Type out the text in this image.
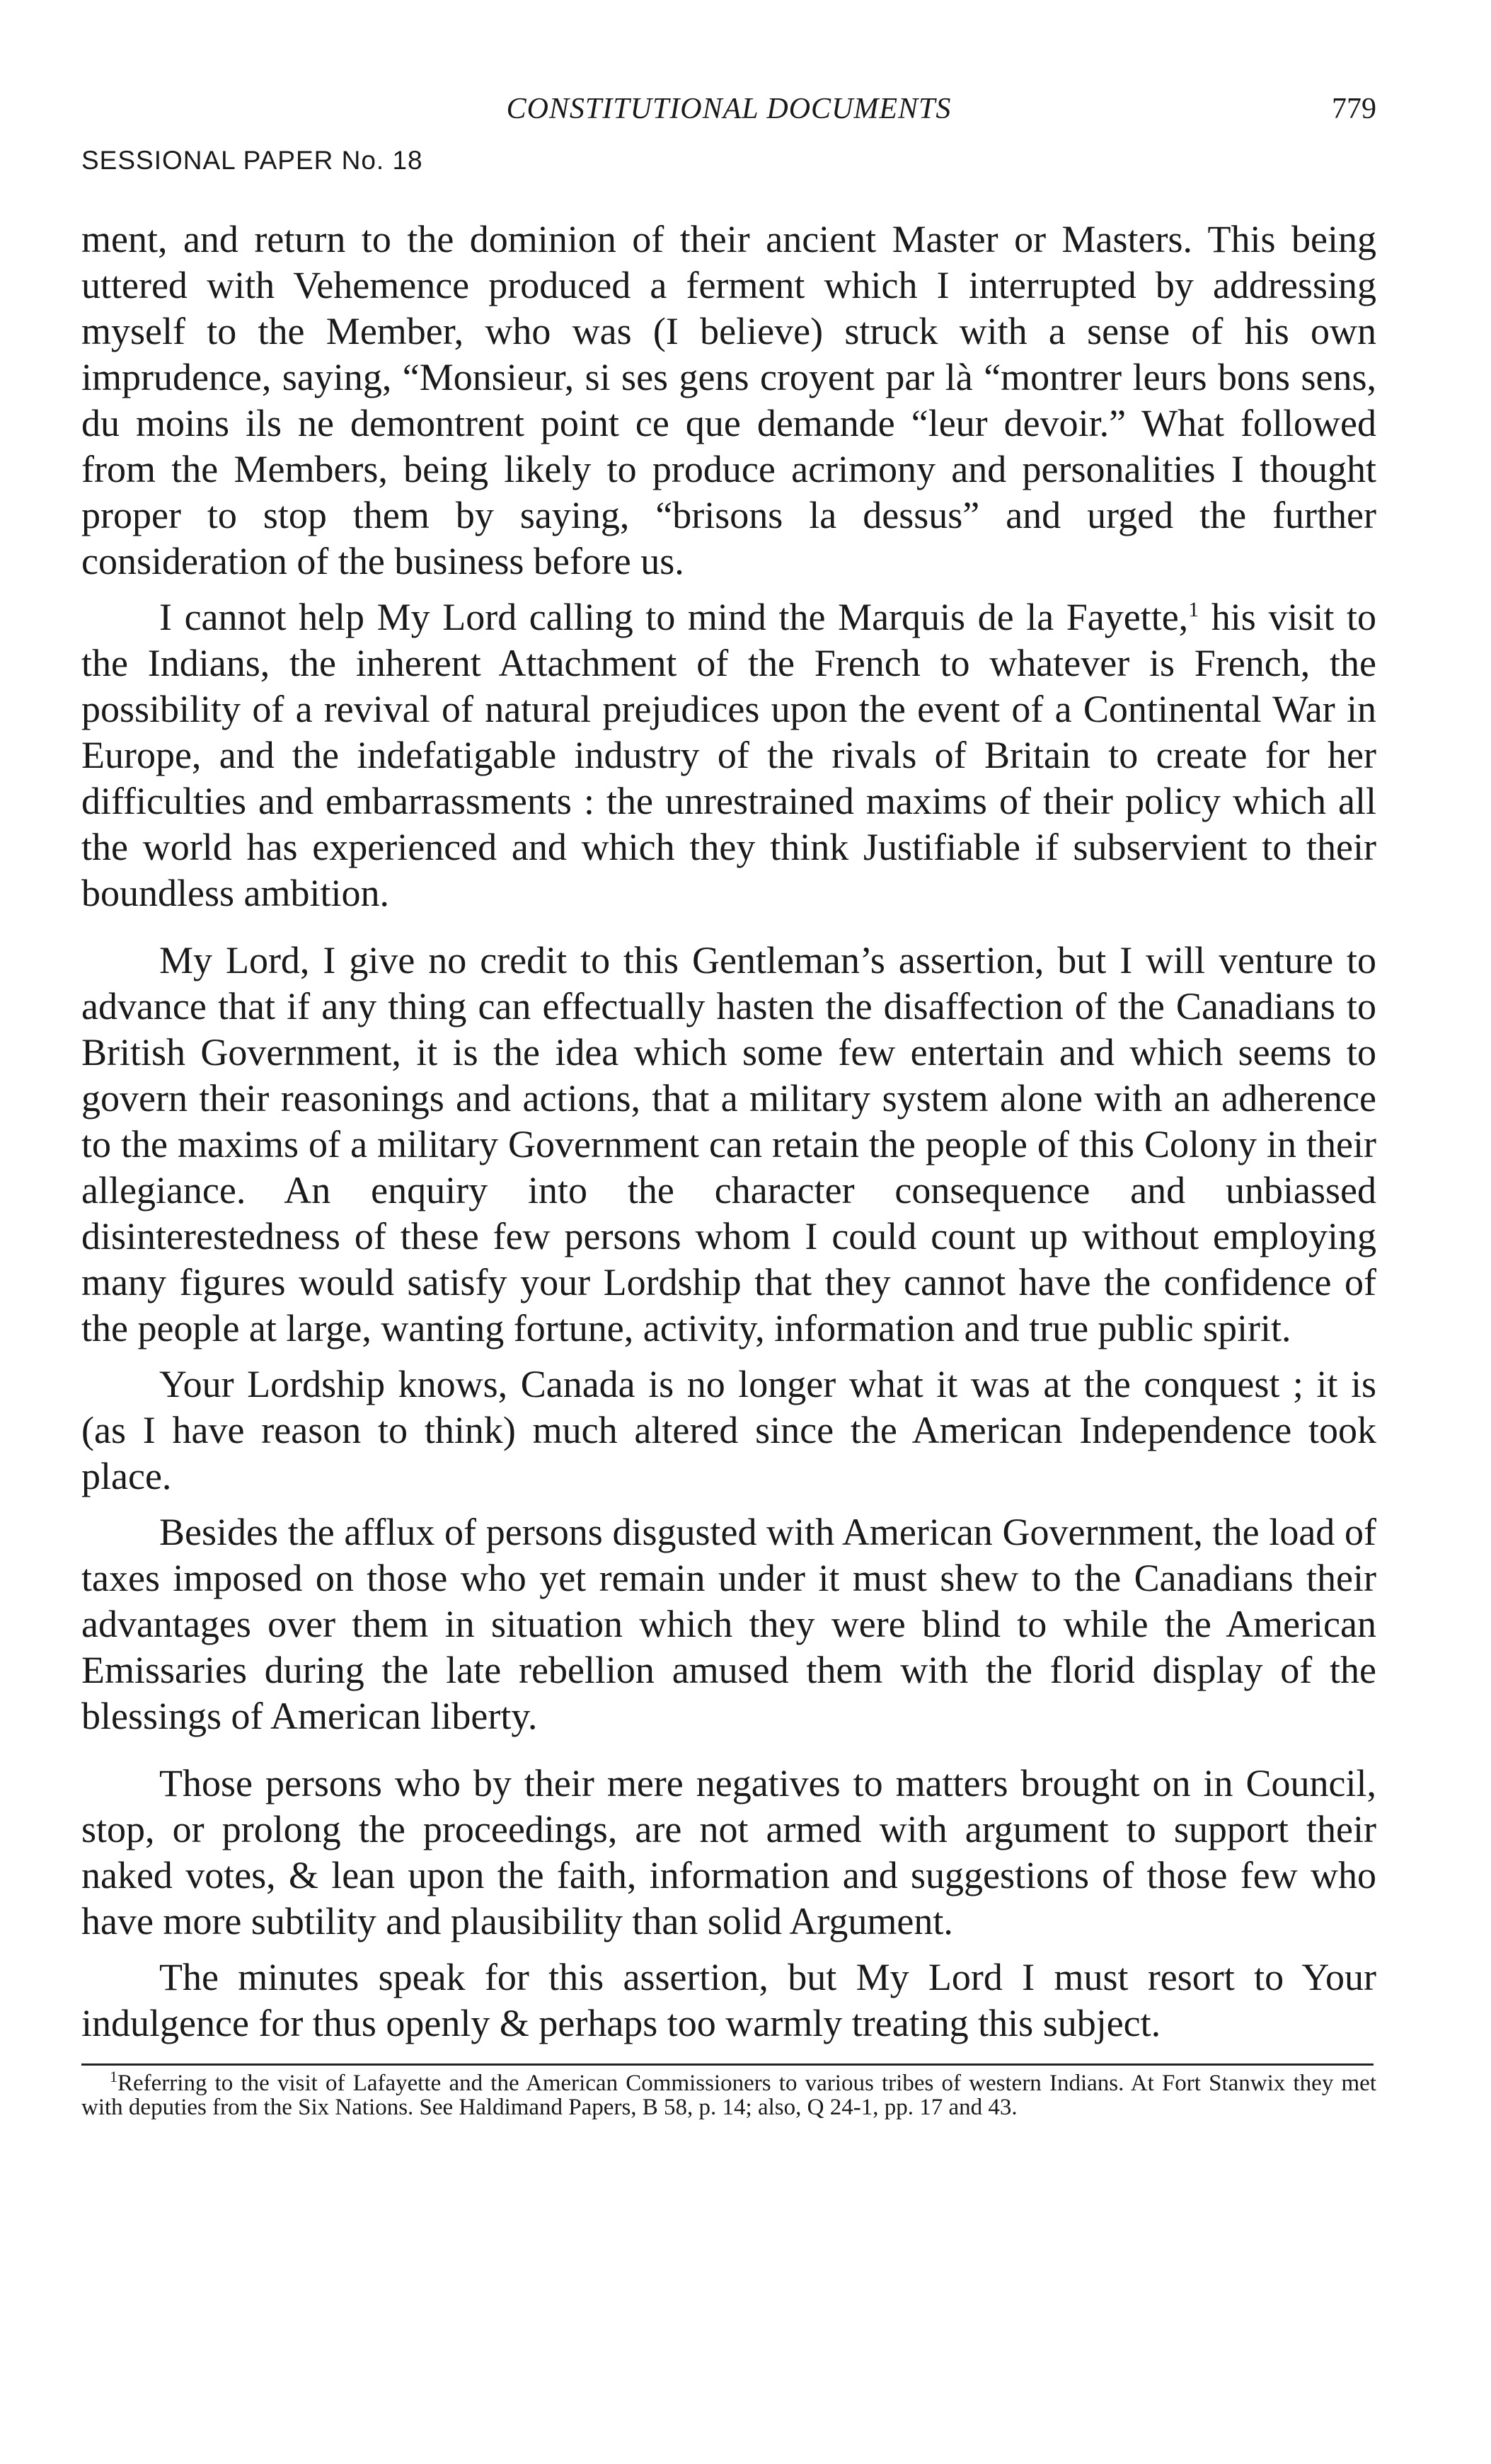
CONSTITUTIONAL DOCUMENTS	779
SESSIONAL PAPER No. 18

ment, and return to the dominion of their ancient Master or Masters. This being uttered with Vehemence produced a ferment which I interrupted by addressing myself to the Member, who was (I believe) struck with a sense of his own imprudence, saying, “Monsieur, si ses gens croyent par là “montrer leurs bons sens, du moins ils ne demontrent point ce que demande “leur devoir.” What followed from the Members, being likely to produce acrimony and personalities I thought proper to stop them by saying, “brisons la dessus” and urged the further consideration of the business before us.

I cannot help My Lord calling to mind the Marquis de la Fayette,$^1$ his visit to the Indians, the inherent Attachment of the French to whatever is French, the possibility of a revival of natural prejudices upon the event of a Continental War in Europe, and the indefatigable industry of the rivals of Britain to create for her difficulties and embarrassments : the unrestrained maxims of their policy which all the world has experienced and which they think Justifiable if subservient to their boundless ambition.

My Lord, I give no credit to this Gentleman’s assertion, but I will venture to advance that if any thing can effectually hasten the disaffection of the Canadians to British Government, it is the idea which some few entertain and which seems to govern their reasonings and actions, that a military system alone with an adherence to the maxims of a military Government can retain the people of this Colony in their allegiance. An enquiry into the character consequence and unbiassed disinterestedness of these few persons whom I could count up without employing many figures would satisfy your Lordship that they cannot have the confidence of the people at large, wanting fortune, activity, information and true public spirit.

Your Lordship knows, Canada is no longer what it was at the conquest ; it is (as I have reason to think) much altered since the American Independence took place.

Besides the afflux of persons disgusted with American Government, the load of taxes imposed on those who yet remain under it must shew to the Canadians their advantages over them in situation which they were blind to while the American Emissaries during the late rebellion amused them with the florid display of the blessings of American liberty.

Those persons who by their mere negatives to matters brought on in Council, stop, or prolong the proceedings, are not armed with argument to support their naked votes, & lean upon the faith, information and suggestions of those few who have more subtility and plausibility than solid Argument.

The minutes speak for this assertion, but My Lord I must resort to Your indulgence for thus openly & perhaps too warmly treating this subject.

$^1$Referring to the visit of Lafayette and the American Commissioners to various tribes of western Indians. At Fort Stanwix they met with deputies from the Six Nations. See Haldimand Papers, B 58, p. 14; also, Q 24-1, pp. 17 and 43.
